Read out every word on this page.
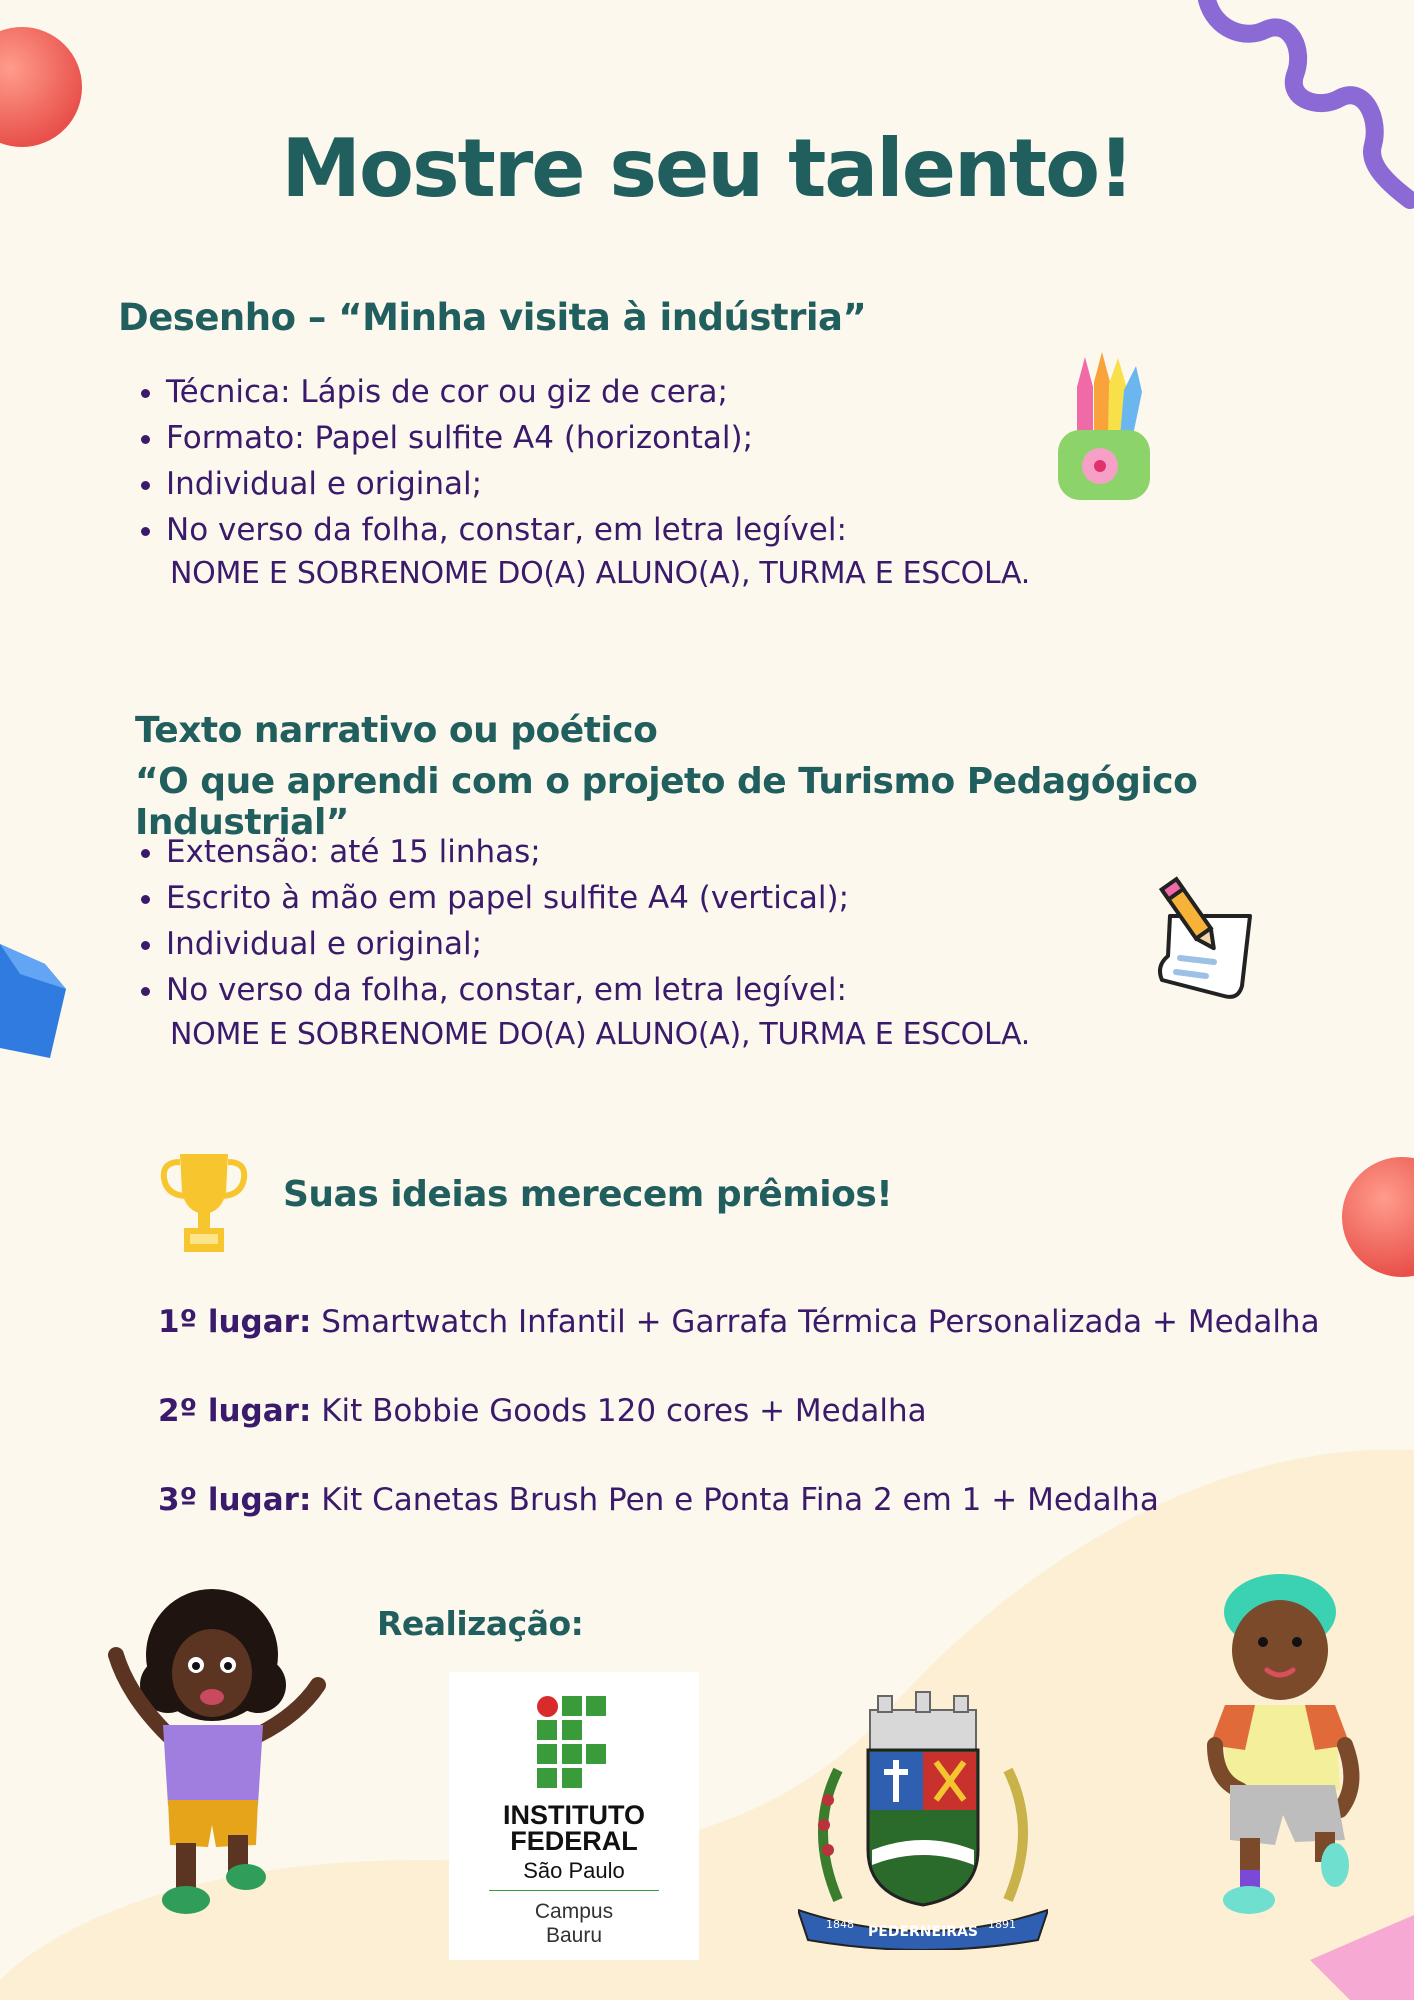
Mostre seu talento!
Desenho – “Minha visita à indústria”
• Técnica: Lápis de cor ou giz de cera;
• Formato: Papel sulfite A4 (horizontal);
• Individual e original;
• No verso da folha, constar, em letra legível:
NOME E SOBRENOME DO(A) ALUNO(A), TURMA E ESCOLA.
Texto narrativo ou poético
“O que aprendi com o projeto de Turismo Pedagógico Industrial”
• Extensão: até 15 linhas;
• Escrito à mão em papel sulfite A4 (vertical);
• Individual e original;
• No verso da folha, constar, em letra legível:
NOME E SOBRENOME DO(A) ALUNO(A), TURMA E ESCOLA.
Suas ideias merecem prêmios!
1º lugar: Smartwatch Infantil + Garrafa Térmica Personalizada + Medalha
2º lugar: Kit Bobbie Goods 120 cores + Medalha
3º lugar: Kit Canetas Brush Pen e Ponta Fina 2 em 1 + Medalha
Realização:
INSTITUTO
FEDERAL
São Paulo
Campus
Bauru	PEDERNEIRAS
1848	1891
